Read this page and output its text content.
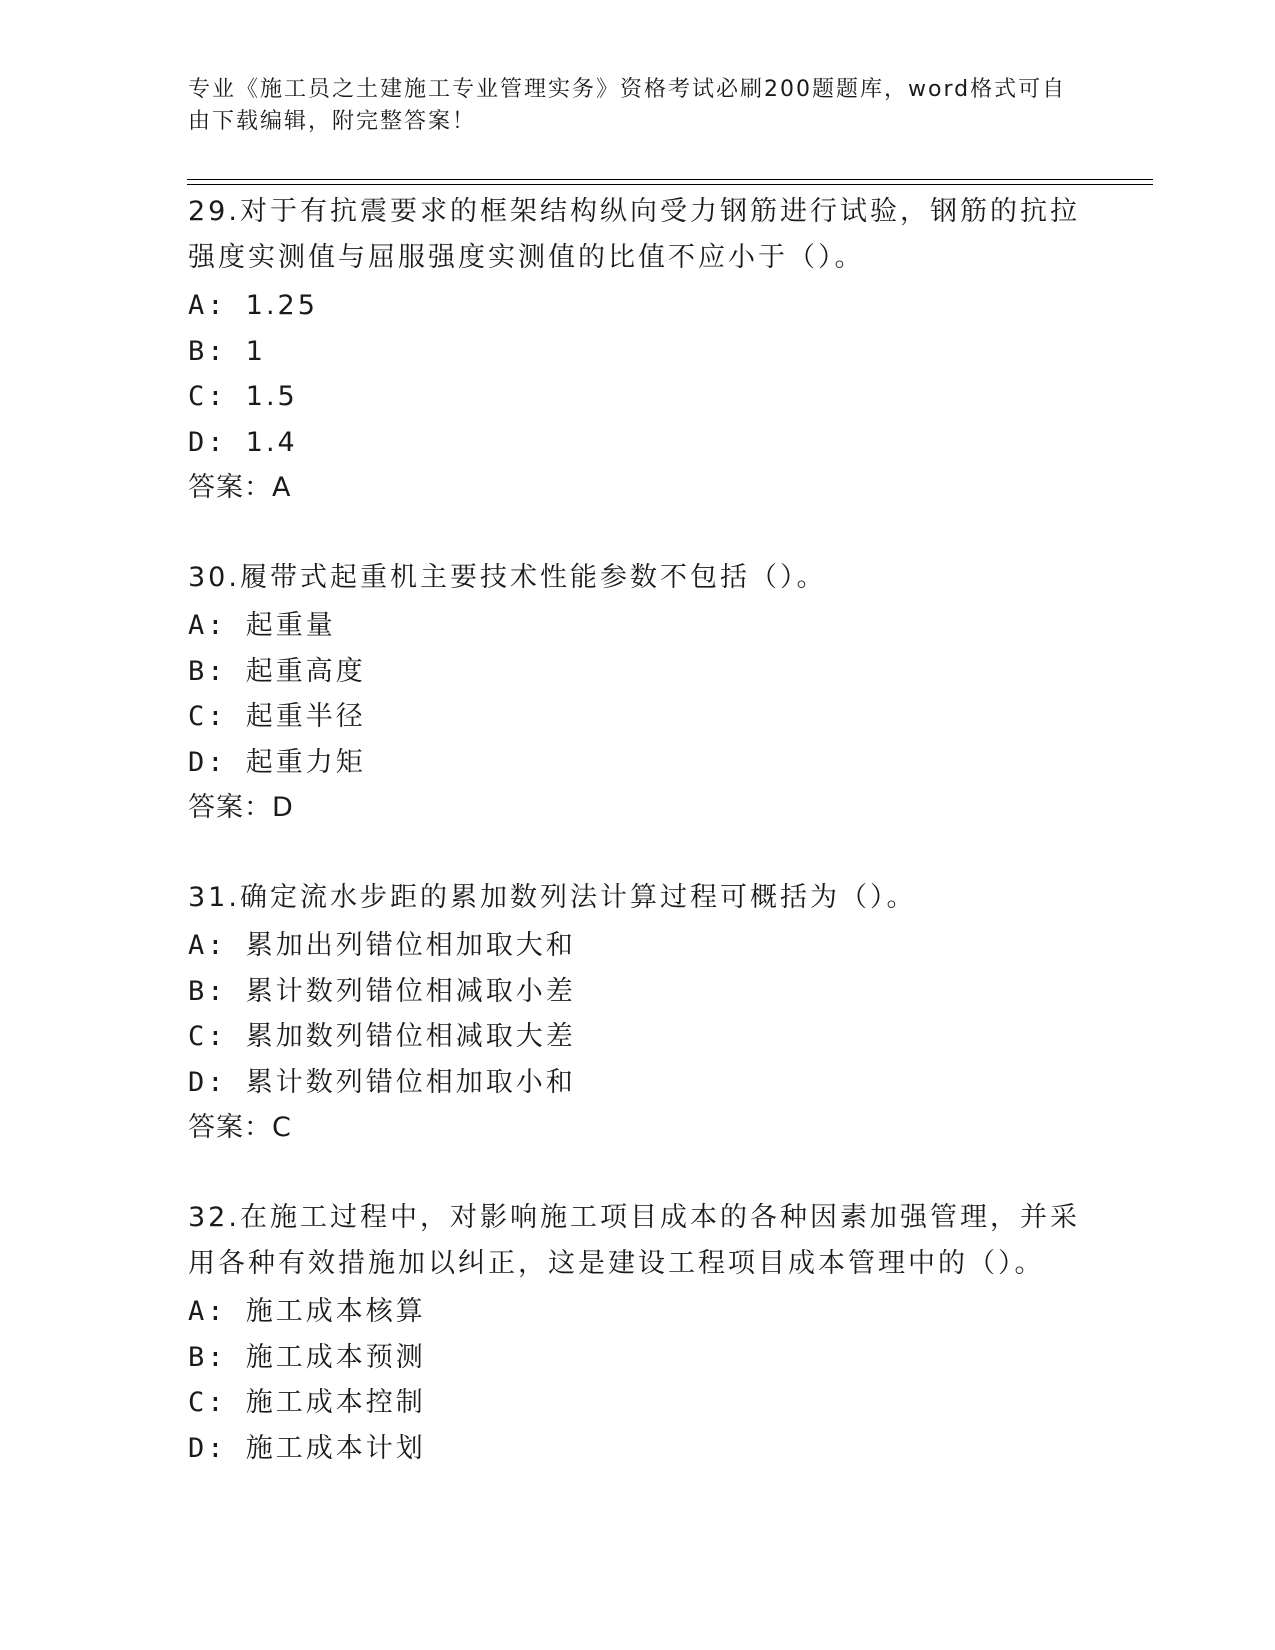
专业《施工员之土建施工专业管理实务》资格考试必刷200题题库，word格式可自由下载编辑，附完整答案！
29.对于有抗震要求的框架结构纵向受力钢筋进行试验，钢筋的抗拉强度实测值与屈服强度实测值的比值不应小于（）。
A: 1.25
B: 1
C: 1.5
D: 1.4
答案：A
30.履带式起重机主要技术性能参数不包括（）。
A: 起重量
B: 起重高度
C: 起重半径
D: 起重力矩
答案：D
31.确定流水步距的累加数列法计算过程可概括为（）。
A: 累加出列错位相加取大和
B: 累计数列错位相减取小差
C: 累加数列错位相减取大差
D: 累计数列错位相加取小和
答案：C
32.在施工过程中，对影响施工项目成本的各种因素加强管理，并采用各种有效措施加以纠正，这是建设工程项目成本管理中的（）。
A: 施工成本核算
B: 施工成本预测
C: 施工成本控制
D: 施工成本计划
